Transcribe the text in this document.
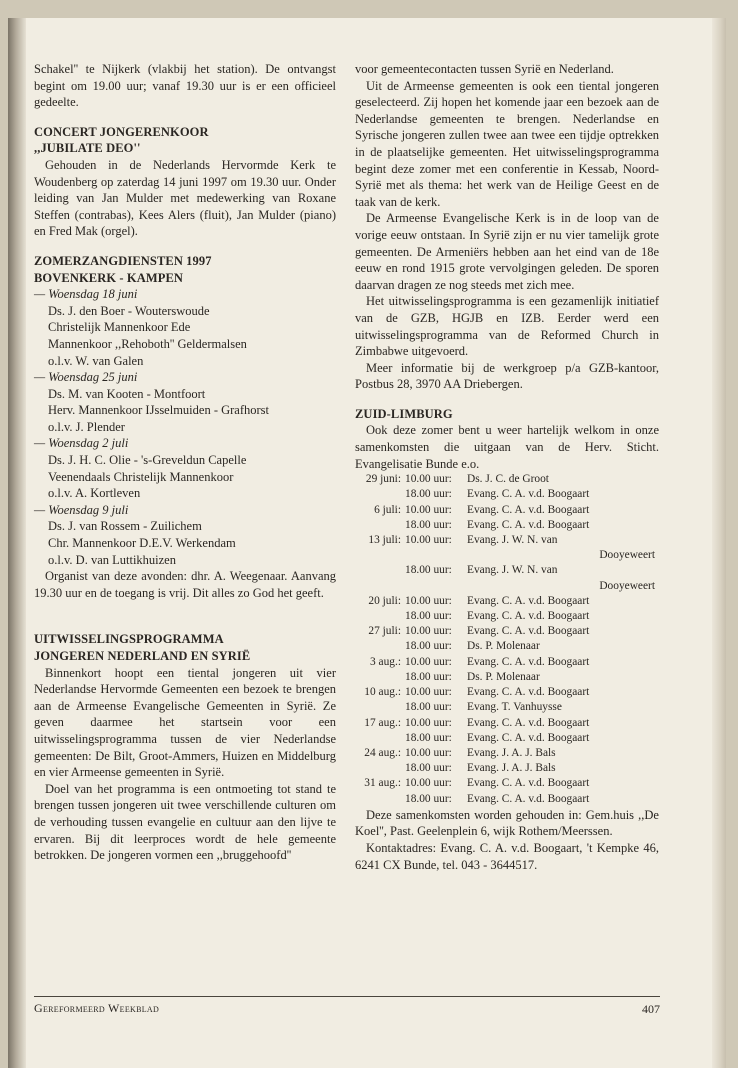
Schakel'' te Nijkerk (vlakbij het station). De ontvangst begint om 19.00 uur; vanaf 19.30 uur is er een officieel gedeelte.

CONCERT JONGERENKOOR
,,JUBILATE DEO''

Gehouden in de Nederlands Hervormde Kerk te Woudenberg op zaterdag 14 juni 1997 om 19.30 uur. Onder leiding van Jan Mulder met medewerking van Roxane Steffen (contrabas), Kees Alers (fluit), Jan Mulder (piano) en Fred Mak (orgel).

ZOMERZANGDIENSTEN 1997
BOVENKERK - KAMPEN
— Woensdag 18 juni
Ds. J. den Boer - Wouterswoude
Christelijk Mannenkoor Ede
Mannenkoor ,,Rehoboth'' Geldermalsen
o.l.v. W. van Galen
— Woensdag 25 juni
Ds. M. van Kooten - Montfoort
Herv. Mannenkoor IJsselmuiden - Grafhorst
o.l.v. J. Plender
— Woensdag 2 juli
Ds. J. H. C. Olie - 's-Greveldun Capelle
Veenendaals Christelijk Mannenkoor
o.l.v. A. Kortleven
— Woensdag 9 juli
Ds. J. van Rossem - Zuilichem
Chr. Mannenkoor D.E.V. Werkendam
o.l.v. D. van Luttikhuizen

Organist van deze avonden: dhr. A. Weegenaar. Aanvang 19.30 uur en de toegang is vrij. Dit alles zo God het geeft.

UITWISSELINGSPROGRAMMA
JONGEREN NEDERLAND EN SYRIË

Binnenkort hoopt een tiental jongeren uit vier Nederlandse Hervormde Gemeenten een bezoek te brengen aan de Armeense Evangelische Gemeenten in Syrië. Ze geven daarmee het startsein voor een uitwisselingsprogramma tussen de vier Nederlandse gemeenten: De Bilt, Groot-Ammers, Huizen en Middelburg en vier Armeense gemeenten in Syrië.

Doel van het programma is een ontmoeting tot stand te brengen tussen jongeren uit twee verschillende culturen om de verhouding tussen evangelie en cultuur aan den lijve te ervaren. Bij dit leerproces wordt de hele gemeente betrokken. De jongeren vormen een ,,bruggehoofd''

voor gemeentecontacten tussen Syrië en Nederland.

Uit de Armeense gemeenten is ook een tiental jongeren geselecteerd. Zij hopen het komende jaar een bezoek aan de Nederlandse gemeenten te brengen. Nederlandse en Syrische jongeren zullen twee aan twee een tijdje optrekken in de plaatselijke gemeenten. Het uitwisselingsprogramma begint deze zomer met een conferentie in Kessab, Noord-Syrië met als thema: het werk van de Heilige Geest en de taak van de kerk.

De Armeense Evangelische Kerk is in de loop van de vorige eeuw ontstaan. In Syrië zijn er nu vier tamelijk grote gemeenten. De Armeniërs hebben aan het eind van de 18e eeuw en rond 1915 grote vervolgingen geleden. De sporen daarvan dragen ze nog steeds met zich mee.

Het uitwisselingsprogramma is een gezamenlijk initiatief van de GZB, HGJB en IZB. Eerder werd een uitwisselingsprogramma van de Reformed Church in Zimbabwe uitgevoerd.

Meer informatie bij de werkgroep p/a GZB-kantoor, Postbus 28, 3970 AA Driebergen.

ZUID-LIMBURG

Ook deze zomer bent u weer hartelijk welkom in onze samenkomsten die uitgaan van de Herv. Sticht. Evangelisatie Bunde e.o.

29 juni:	10.00 uur:	Ds. J. C. de Groot
	18.00 uur:	Evang. C. A. v.d. Boogaart
6 juli:	10.00 uur:	Evang. C. A. v.d. Boogaart
	18.00 uur:	Evang. C. A. v.d. Boogaart
13 juli:	10.00 uur:	Evang. J. W. N. van
Dooyeweert		
	18.00 uur:	Evang. J. W. N. van
Dooyeweert		
20 juli:	10.00 uur:	Evang. C. A. v.d. Boogaart
	18.00 uur:	Evang. C. A. v.d. Boogaart
27 juli:	10.00 uur:	Evang. C. A. v.d. Boogaart
	18.00 uur:	Ds. P. Molenaar
3 aug.:	10.00 uur:	Evang. C. A. v.d. Boogaart
	18.00 uur:	Ds. P. Molenaar
10 aug.:	10.00 uur:	Evang. C. A. v.d. Boogaart
	18.00 uur:	Evang. T. Vanhuysse
17 aug.:	10.00 uur:	Evang. C. A. v.d. Boogaart
	18.00 uur:	Evang. C. A. v.d. Boogaart
24 aug.:	10.00 uur:	Evang. J. A. J. Bals
	18.00 uur:	Evang. J. A. J. Bals
31 aug.:	10.00 uur:	Evang. C. A. v.d. Boogaart
	18.00 uur:	Evang. C. A. v.d. Boogaart

Deze samenkomsten worden gehouden in: Gem.huis ,,De Koel'', Past. Geelenplein 6, wijk Rothem/Meerssen.

Kontaktadres: Evang. C. A. v.d. Boogaart, 't Kempke 46, 6241 CX Bunde, tel. 043 - 3644517.

Gereformeerd Weekblad	407
